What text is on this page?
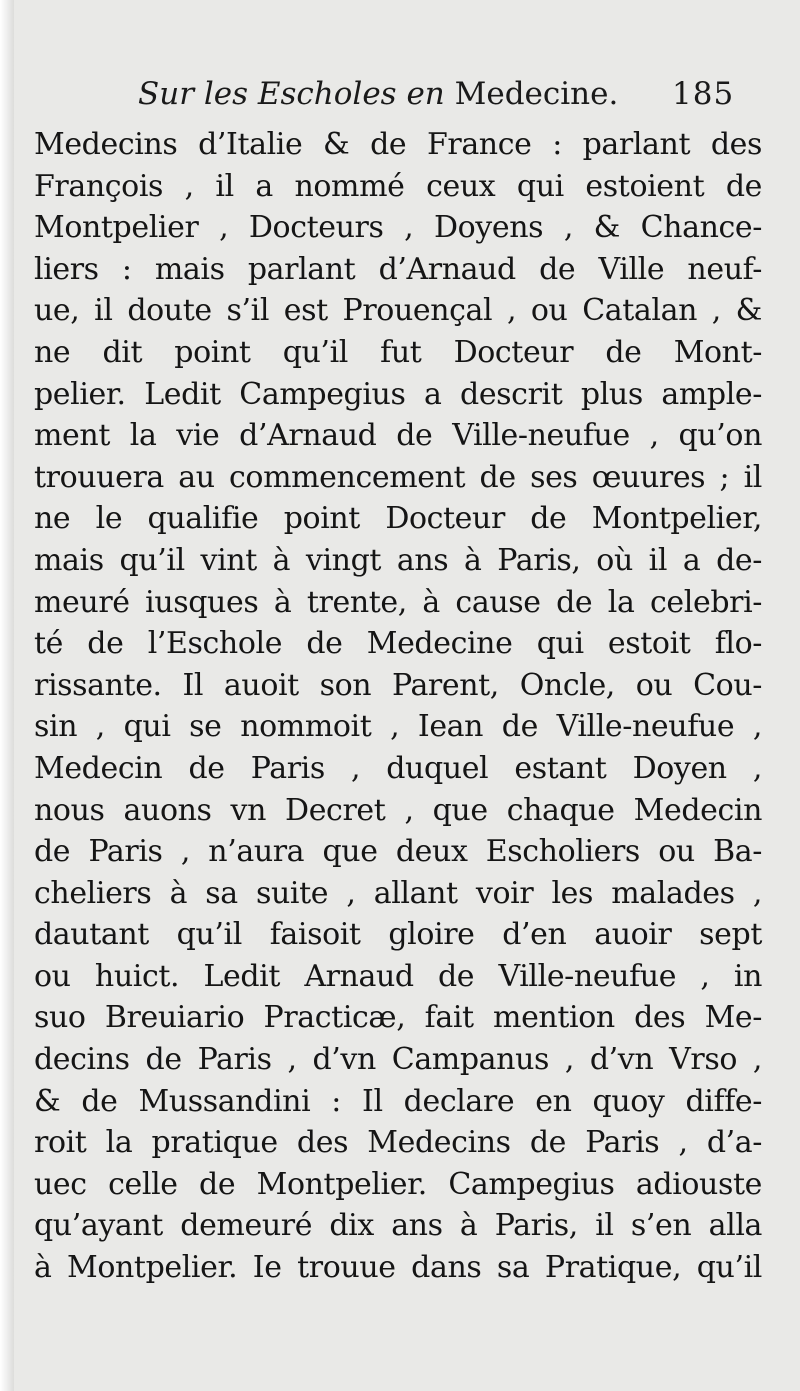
Sur les Escholes en Medecine. 185
Medecins d’Italie & de France : parlant des
François , il a nommé ceux qui estoient de
Montpelier , Docteurs , Doyens , & Chance-
liers : mais parlant d’Arnaud de Ville neuf-
ue, il doute s’il est Prouençal , ou Catalan , &
ne dit point qu’il fut Docteur de Mont-
pelier. Ledit Campegius a descrit plus ample-
ment la vie d’Arnaud de Ville-neufue , qu’on
trouuera au commencement de ses œuures ; il
ne le qualifie point Docteur de Montpelier,
mais qu’il vint à vingt ans à Paris, où il a de-
meuré iusques à trente, à cause de la celebri-
té de l’Eschole de Medecine qui estoit flo-
rissante. Il auoit son Parent, Oncle, ou Cou-
sin , qui se nommoit , Iean de Ville-neufue ,
Medecin de Paris , duquel estant Doyen ,
nous auons vn Decret , que chaque Medecin
de Paris , n’aura que deux Escholiers ou Ba-
cheliers à sa suite , allant voir les malades ,
dautant qu’il faisoit gloire d’en auoir sept
ou huict. Ledit Arnaud de Ville-neufue , in
suo Breuiario Practicæ, fait mention des Me-
decins de Paris , d’vn Campanus , d’vn Vrso ,
& de Mussandini : Il declare en quoy diffe-
roit la pratique des Medecins de Paris , d’a-
uec celle de Montpelier. Campegius adiouste
qu’ayant demeuré dix ans à Paris, il s’en alla
à Montpelier. Ie trouue dans sa Pratique, qu’il
